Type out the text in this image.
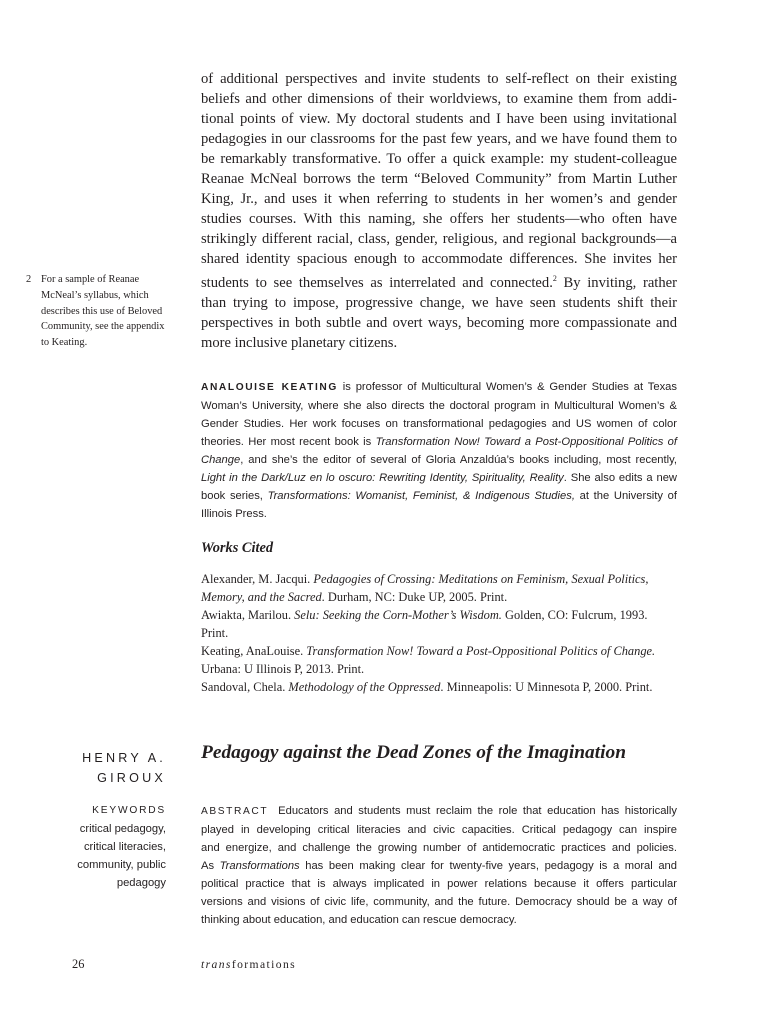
of additional perspectives and invite students to self-reflect on their existing
beliefs and other dimensions of their worldviews, to examine them from addi-
tional points of view. My doctoral students and I have been using invitational
pedagogies in our classrooms for the past few years, and we have found them to
be remarkably transformative. To offer a quick example: my student-colleague
Reanae McNeal borrows the term “Beloved Community” from Martin Luther
King, Jr., and uses it when referring to students in her women’s and gender
studies courses. With this naming, she offers her students—who often have
strikingly different racial, class, gender, religious, and regional backgrounds—a
shared identity spacious enough to accommodate differences. She invites her
students to see themselves as interrelated and connected.$^2$ By inviting, rather
than trying to impose, progressive change, we have seen students shift their
perspectives in both subtle and overt ways, becoming more compassionate and
more inclusive planetary citizens.

2 For a sample of Reanae McNeal’s syllabus, which describes this use of Beloved Community, see the appendix to Keating.

ANALOUISE KEATING is professor of Multicultural Women’s & Gender Studies at Texas
Woman’s University, where she also directs the doctoral program in Multicultural Women’s &
Gender Studies. Her work focuses on transformational pedagogies and US women of color
theories. Her most recent book is Transformation Now! Toward a Post-Oppositional Politics of
Change, and she’s the editor of several of Gloria Anzaldúa’s books including, most recently,
Light in the Dark/Luz en lo oscuro: Rewriting Identity, Spirituality, Reality. She also edits a new
book series, Transformations: Womanist, Feminist, & Indigenous Studies, at the University of
Illinois Press.

Works Cited
Alexander, M. Jacqui. Pedagogies of Crossing: Meditations on Feminism, Sexual Politics,
Memory, and the Sacred. Durham, NC: Duke UP, 2005. Print.
Awiakta, Marilou. Selu: Seeking the Corn-Mother’s Wisdom. Golden, CO: Fulcrum, 1993.
Print.
Keating, AnaLouise. Transformation Now! Toward a Post-Oppositional Politics of Change.
Urbana: U Illinois P, 2013. Print.
Sandoval, Chela. Methodology of the Oppressed. Minneapolis: U Minnesota P, 2000. Print.
HENRY A.
GIROUX
Pedagogy against the Dead Zones of the Imagination
KEYWORDS
critical pedagogy,
critical literacies,
community, public
pedagogy

ABSTRACT Educators and students must reclaim the role that education has historically
played in developing critical literacies and civic capacities. Critical pedagogy can inspire
and energize, and challenge the growing number of antidemocratic practices and policies.
As Transformations has been making clear for twenty-five years, pedagogy is a moral and
political practice that is always implicated in power relations because it offers particular
versions and visions of civic life, community, and the future. Democracy should be a way of
thinking about education, and education can rescue democracy.

26	transformations
